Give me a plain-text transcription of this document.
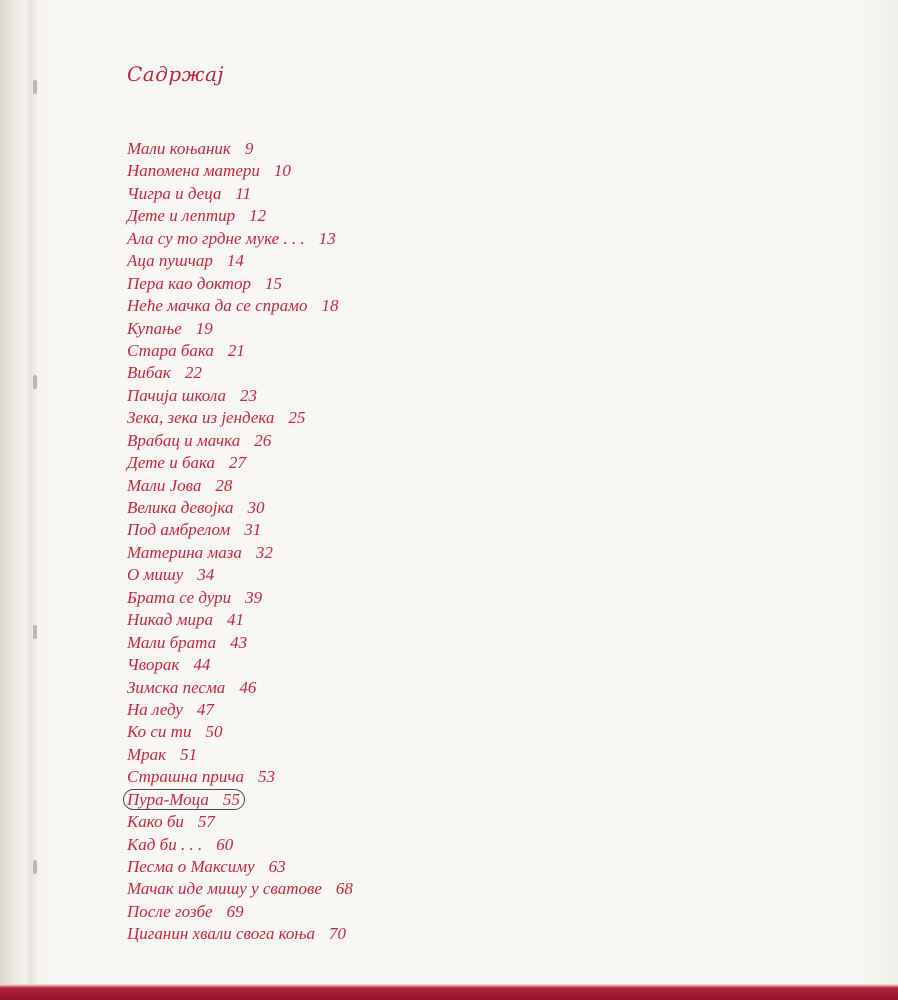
Садржај
Мали коњаник 9
Напомена матери 10
Чигра и деца 11
Дете и лептир 12
Ала су то грдне муке . . . 13
Аца пушчар 14
Пера као доктор 15
Нећe мачка да се спрамо 18
Купање 19
Стара бака 21
Вибак 22
Пачија школа 23
Зека, зека из јендека 25
Врабац и мачка 26
Дете и бака 27
Мали Јова 28
Велика девојка 30
Под амбрелом 31
Материна маза 32
О мишу 34
Брата се дури 39
Никад мира 41
Мали брата 43
Чворак 44
Зимска песма 46
На леду 47
Ко си ти 50
Мрак 51
Страшна прича 53
Пура-Моца 55
Како би 57
Кад би . . . 60
Песма о Максиму 63
Мачак иде мишу у сватове 68
После гозбе 69
Циганин хвали свога коња 70
